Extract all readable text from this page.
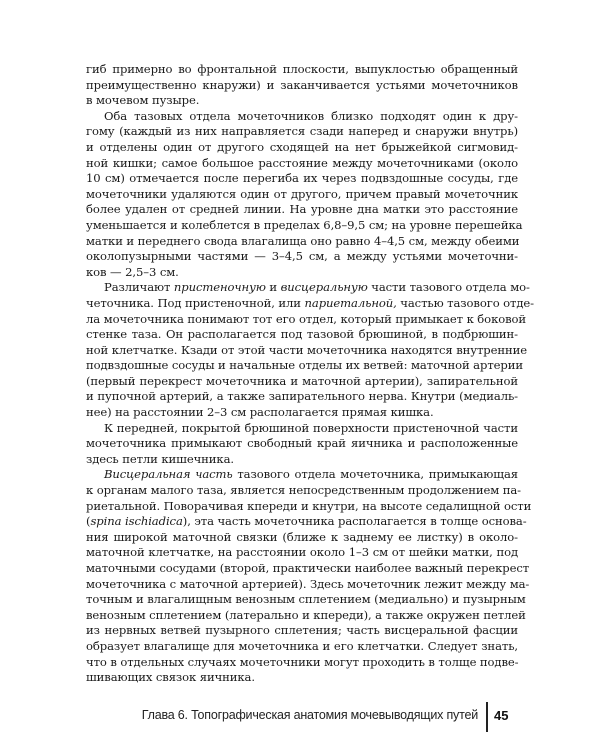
гиб примерно во фронтальной плоскости, выпуклостью обращенный
преимущественно кнаружи) и заканчивается устьями мочеточников
в мочевом пузыре.

Оба тазовых отдела мочеточников близко подходят один к дру-
гому (каждый из них направляется сзади наперед и снаружи внутрь)
и отделены один от другого сходящей на нет брыжейкой сигмовид-
ной кишки; самое большое расстояние между мочеточниками (около
10 см) отмечается после перегиба их через подвздошные сосуды, где
мочеточники удаляются один от другого, причем правый мочеточник
более удален от средней линии. На уровне дна матки это расстояние
уменьшается и колеблется в пределах 6,8–9,5 см; на уровне перешейка
матки и переднего свода влагалища оно равно 4–4,5 см, между обеими
околопузырными частями — 3–4,5 см, а между устьями мочеточни-
ков — 2,5–3 см.

Различают пристеночную и висцеральную части тазового отдела мо-
четочника. Под пристеночной, или париетальной, частью тазового отде-
ла мочеточника понимают тот его отдел, который примыкает к боковой
стенке таза. Он располагается под тазовой брюшиной, в подбрюшин-
ной клетчатке. Кзади от этой части мочеточника находятся внутренние
подвздошные сосуды и начальные отделы их ветвей: маточной артерии
(первый перекрест мочеточника и маточной артерии), запирательной
и пупочной артерий, а также запирательного нерва. Кнутри (медиаль-
нее) на расстоянии 2–3 см располагается прямая кишка.

К передней, покрытой брюшиной поверхности пристеночной части
мочеточника примыкают свободный край яичника и расположенные
здесь петли кишечника.

Висцеральная часть тазового отдела мочеточника, примыкающая
к органам малого таза, является непосредственным продолжением па-
риетальной. Поворачивая кпереди и кнутри, на высоте седалищной ости
(spina ischiadica), эта часть мочеточника располагается в толще основа-
ния широкой маточной связки (ближе к заднему ее листку) в около-
маточной клетчатке, на расстоянии около 1–3 см от шейки матки, под
маточными сосудами (второй, практически наиболее важный перекрест
мочеточника с маточной артерией). Здесь мочеточник лежит между ма-
точным и влагалищным венозным сплетением (медиально) и пузырным
венозным сплетением (латерально и кпереди), а также окружен петлей
из нервных ветвей пузырного сплетения; часть висцеральной фасции
образует влагалище для мочеточника и его клетчатки. Следует знать,
что в отдельных случаях мочеточники могут проходить в толще подве-
шивающих связок яичника.

Глава 6. Топографическая анатомия мочевыводящих путей 45
